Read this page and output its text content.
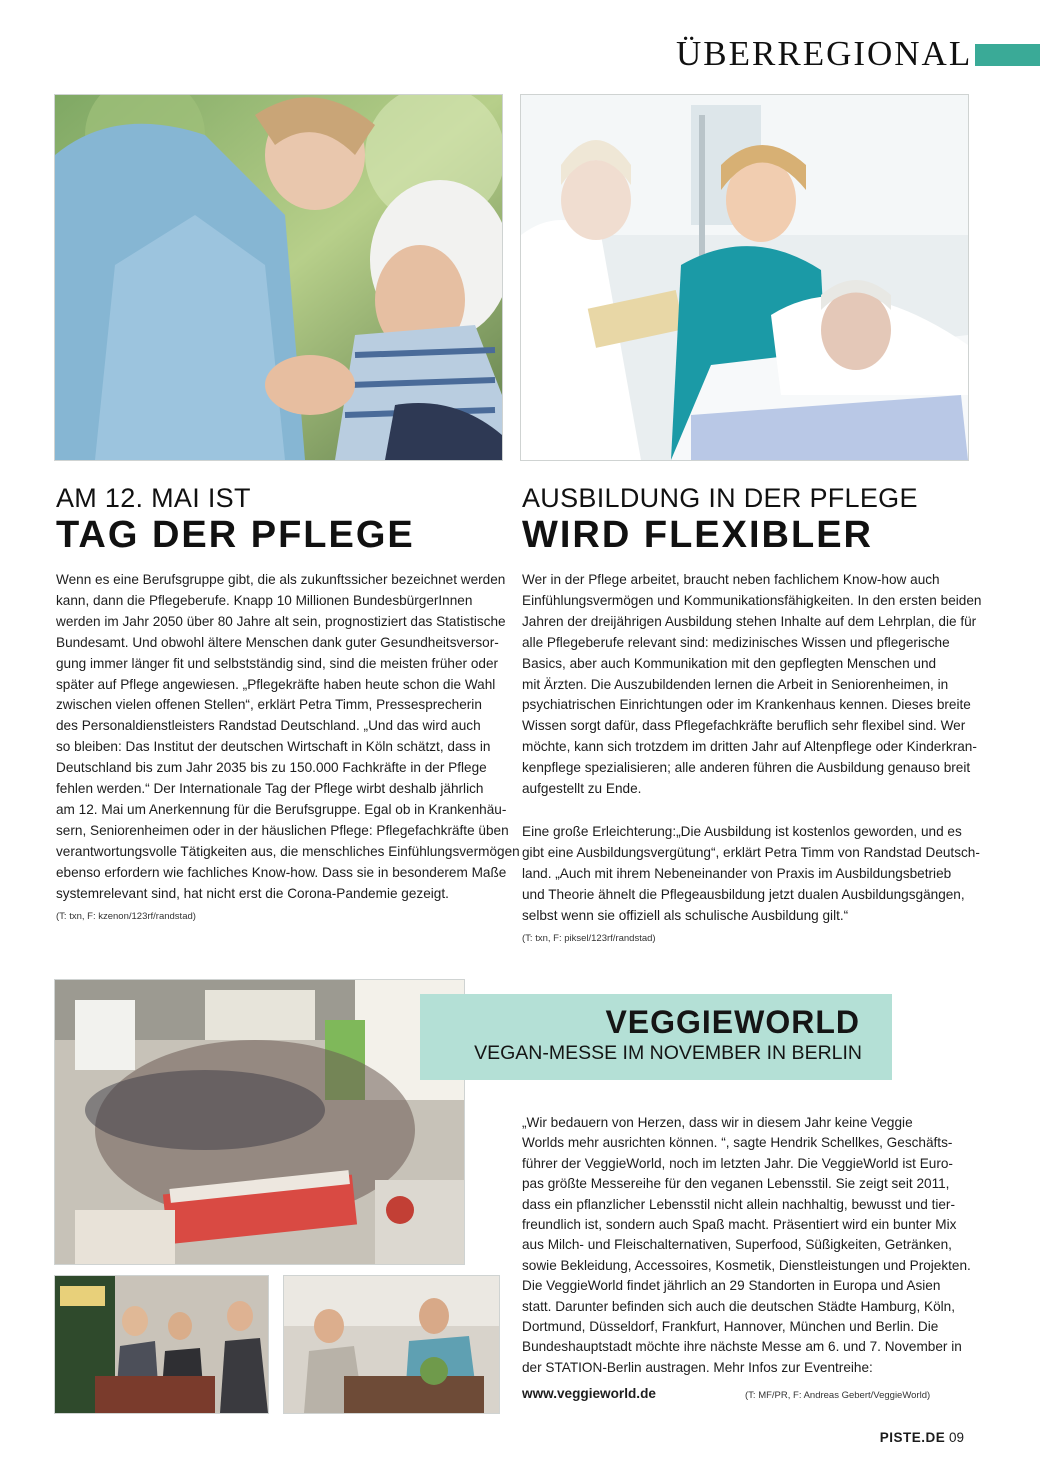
ÜBERREGIONAL
AM 12. MAI IST
TAG DER PFLEGE
Wenn es eine Berufsgruppe gibt, die als zukunftssicher bezeichnet werden
kann, dann die Pflegeberufe. Knapp 10 Millionen BundesbürgerInnen
werden im Jahr 2050 über 80 Jahre alt sein, prognostiziert das Statistische
Bundesamt. Und obwohl ältere Menschen dank guter Gesundheitsversor-
gung immer länger fit und selbstständig sind, sind die meisten früher oder
später auf Pflege angewiesen. „Pflegekräfte haben heute schon die Wahl
zwischen vielen offenen Stellen“, erklärt Petra Timm, Pressesprecherin
des Personaldienstleisters Randstad Deutschland. „Und das wird auch
so bleiben: Das Institut der deutschen Wirtschaft in Köln schätzt, dass in
Deutschland bis zum Jahr 2035 bis zu 150.000 Fachkräfte in der Pflege
fehlen werden.“ Der Internationale Tag der Pflege wirbt deshalb jährlich
am 12. Mai um Anerkennung für die Berufsgruppe. Egal ob in Krankenhäu-
sern, Seniorenheimen oder in der häuslichen Pflege: Pflegefachkräfte üben
verantwortungsvolle Tätigkeiten aus, die menschliches Einfühlungsvermögen
ebenso erfordern wie fachliches Know-how. Dass sie in besonderem Maße
systemrelevant sind, hat nicht erst die Corona-Pandemie gezeigt.
(T: txn, F: kzenon/123rf/randstad)
AUSBILDUNG IN DER PFLEGE
WIRD FLEXIBLER
Wer in der Pflege arbeitet, braucht neben fachlichem Know-how auch
Einfühlungsvermögen und Kommunikationsfähigkeiten. In den ersten beiden
Jahren der dreijährigen Ausbildung stehen Inhalte auf dem Lehrplan, die für
alle Pflegeberufe relevant sind: medizinisches Wissen und pflegerische
Basics, aber auch Kommunikation mit den gepflegten Menschen und
mit Ärzten. Die Auszubildenden lernen die Arbeit in Seniorenheimen, in
psychiatrischen Einrichtungen oder im Krankenhaus kennen. Dieses breite
Wissen sorgt dafür, dass Pflegefachkräfte beruflich sehr flexibel sind. Wer
möchte, kann sich trotzdem im dritten Jahr auf Altenpflege oder Kinderkran-
kenpflege spezialisieren; alle anderen führen die Ausbildung genauso breit
aufgestellt zu Ende.
Eine große Erleichterung:„Die Ausbildung ist kostenlos geworden, und es
gibt eine Ausbildungsvergütung“, erklärt Petra Timm von Randstad Deutsch-
land. „Auch mit ihrem Nebeneinander von Praxis im Ausbildungsbetrieb
und Theorie ähnelt die Pflegeausbildung jetzt dualen Ausbildungsgängen,
selbst wenn sie offiziell als schulische Ausbildung gilt.“
(T: txn, F: piksel/123rf/randstad)
VEGGIEWORLD
VEGAN-MESSE IM NOVEMBER IN BERLIN
„Wir bedauern von Herzen, dass wir in diesem Jahr keine Veggie
Worlds mehr ausrichten können. “, sagte Hendrik Schellkes, Geschäfts-
führer der VeggieWorld, noch im letzten Jahr. Die VeggieWorld ist Euro-
pas größte Messereihe für den veganen Lebensstil. Sie zeigt seit 2011,
dass ein pflanzlicher Lebensstil nicht allein nachhaltig, bewusst und tier-
freundlich ist, sondern auch Spaß macht. Präsentiert wird ein bunter Mix
aus Milch- und Fleischalternativen, Superfood, Süßigkeiten, Getränken,
sowie Bekleidung, Accessoires, Kosmetik, Dienstleistungen und Projekten.
Die VeggieWorld findet jährlich an 29 Standorten in Europa und Asien
statt. Darunter befinden sich auch die deutschen Städte Hamburg, Köln,
Dortmund, Düsseldorf, Frankfurt, Hannover, München und Berlin. Die
Bundeshauptstadt möchte ihre nächste Messe am 6. und 7. November in
der STATION-Berlin austragen. Mehr Infos zur Eventreihe:
www.veggieworld.de	(T: MF/PR, F: Andreas Gebert/VeggieWorld)
PISTE.DE 09
